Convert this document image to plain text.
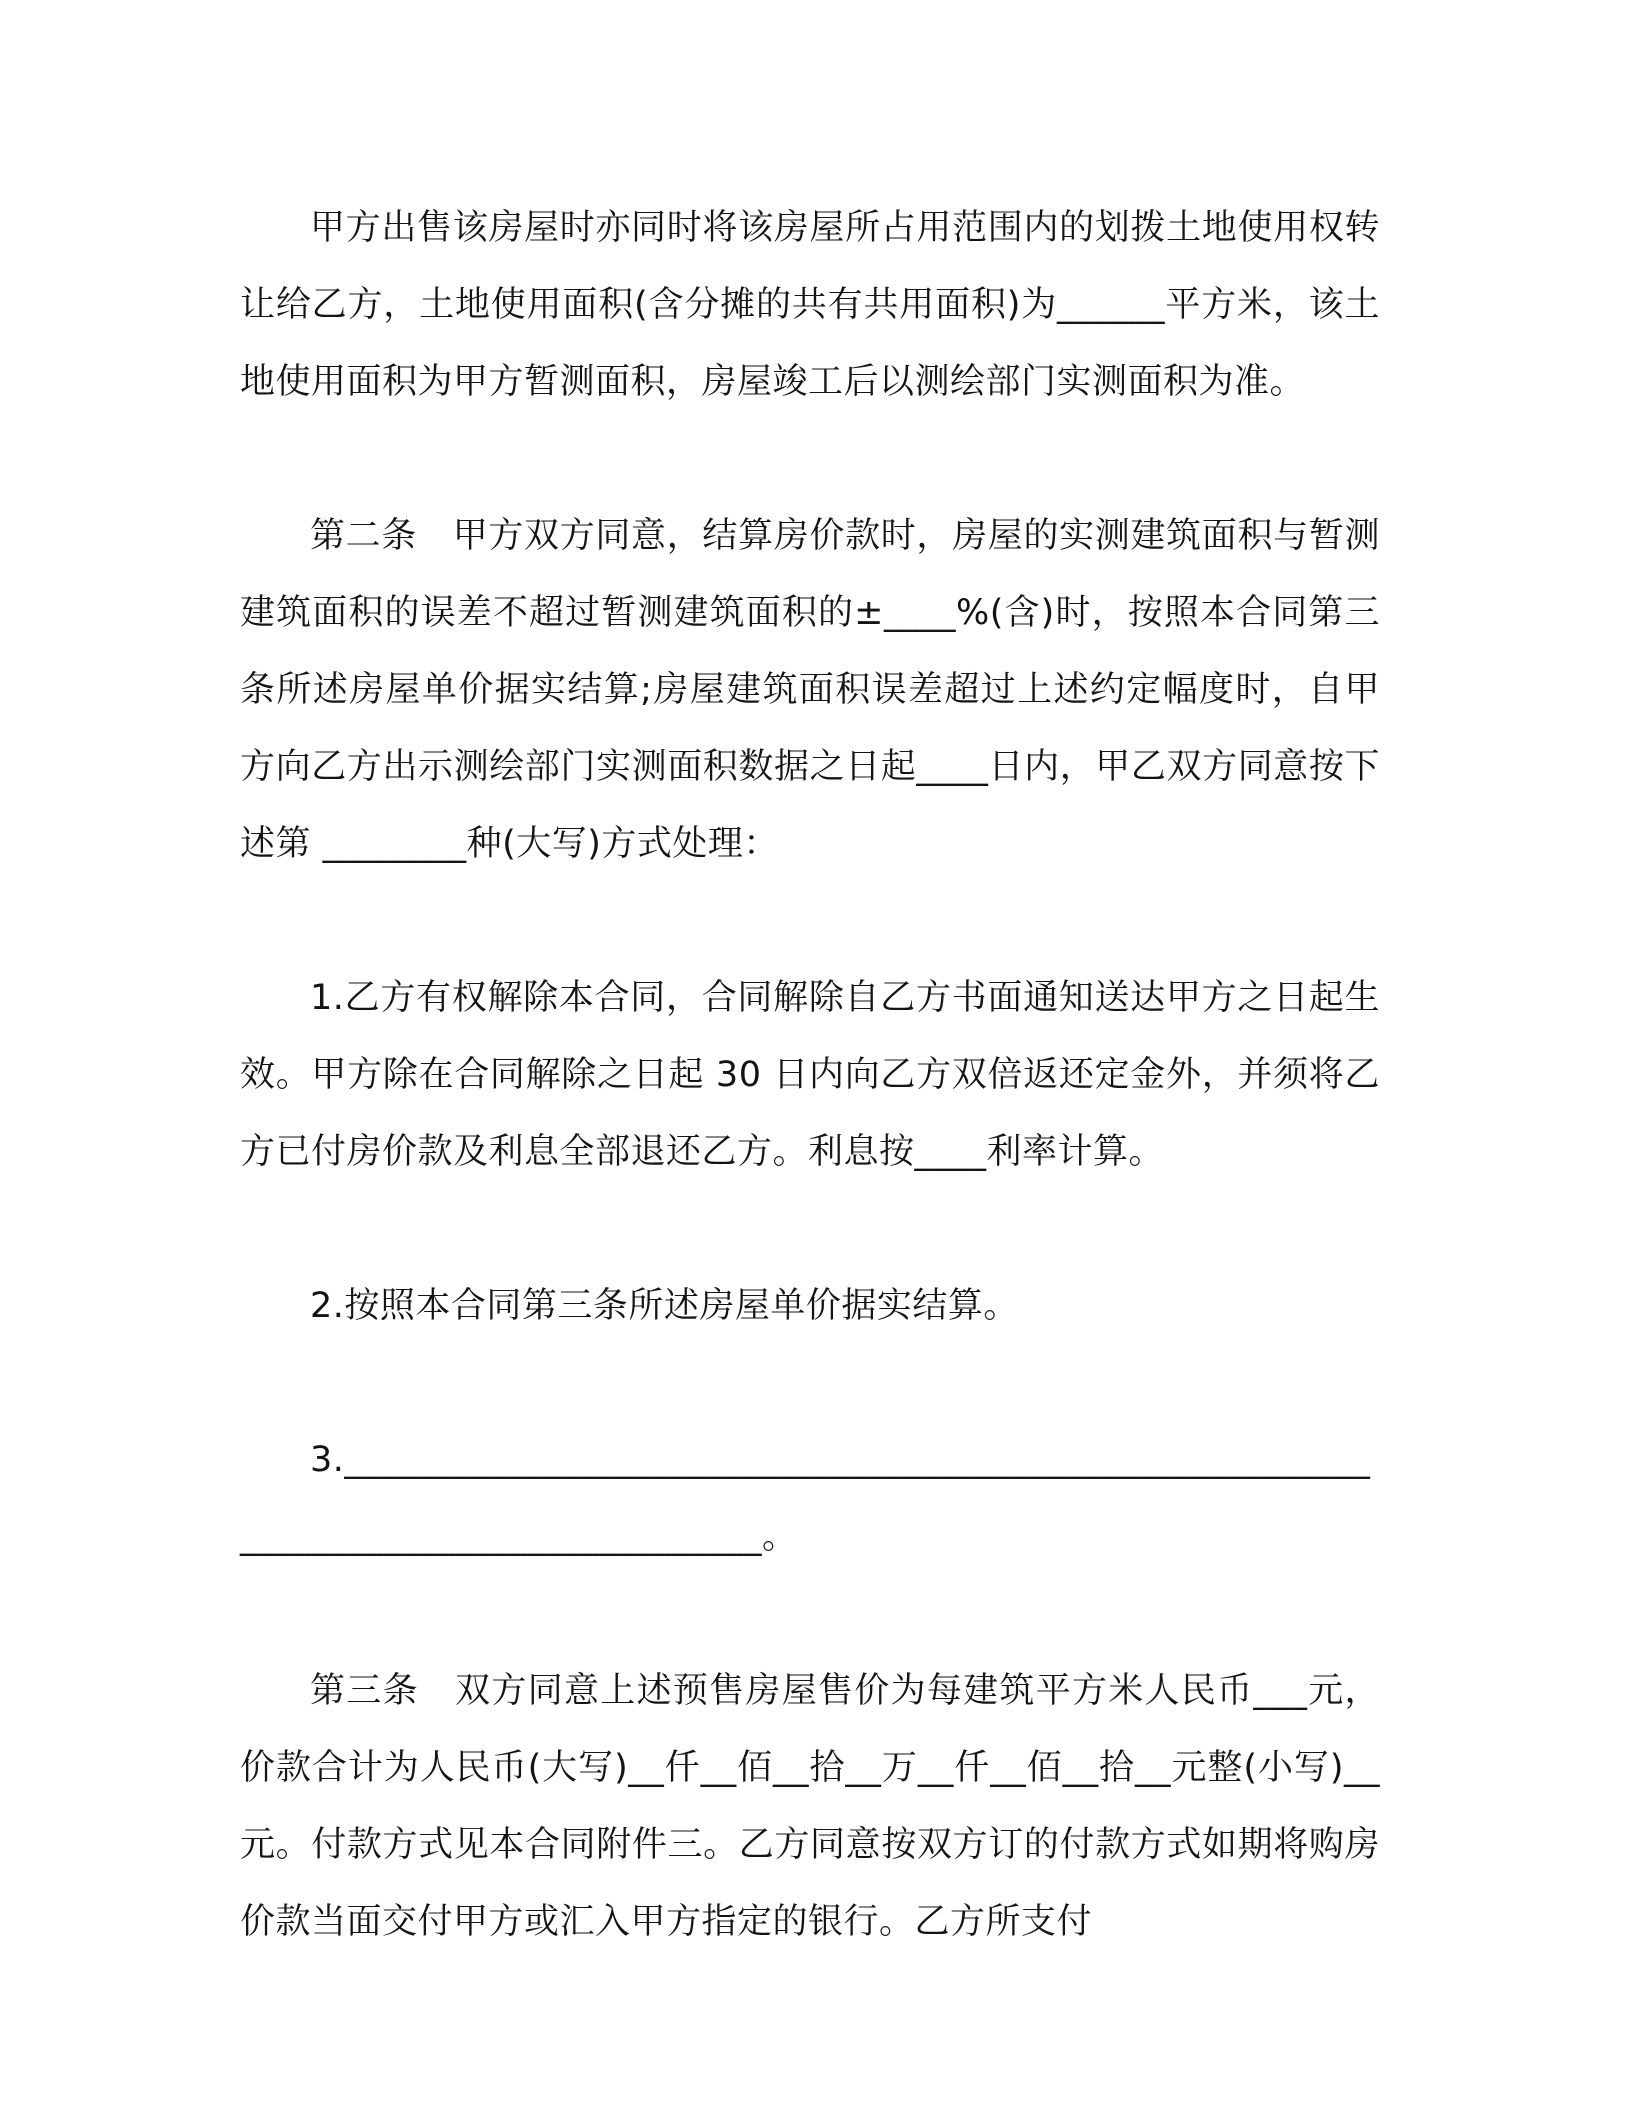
甲方出售该房屋时亦同时将该房屋所占用范围内的划拨土地使用权转让给乙方，土地使用面积(含分摊的共有共用面积)为______平方米，该土地使用面积为甲方暂测面积，房屋竣工后以测绘部门实测面积为准。

第二条　甲方双方同意，结算房价款时，房屋的实测建筑面积与暂测建筑面积的误差不超过暂测建筑面积的±____%(含)时，按照本合同第三条所述房屋单价据实结算;房屋建筑面积误差超过上述约定幅度时，自甲方向乙方出示测绘部门实测面积数据之日起____日内，甲乙双方同意按下述第 ________种(大写)方式处理：

1.乙方有权解除本合同，合同解除自乙方书面通知送达甲方之日起生效。甲方除在合同解除之日起 30 日内向乙方双倍返还定金外，并须将乙方已付房价款及利息全部退还乙方。利息按____利率计算。

2.按照本合同第三条所述房屋单价据实结算。

3.______________________________________________________________________________________。

第三条　双方同意上述预售房屋售价为每建筑平方米人民币___元，价款合计为人民币(大写)__仟__佰__拾__万__仟__佰__拾__元整(小写)__元。付款方式见本合同附件三。乙方同意按双方订的付款方式如期将购房价款当面交付甲方或汇入甲方指定的银行。乙方所支付
